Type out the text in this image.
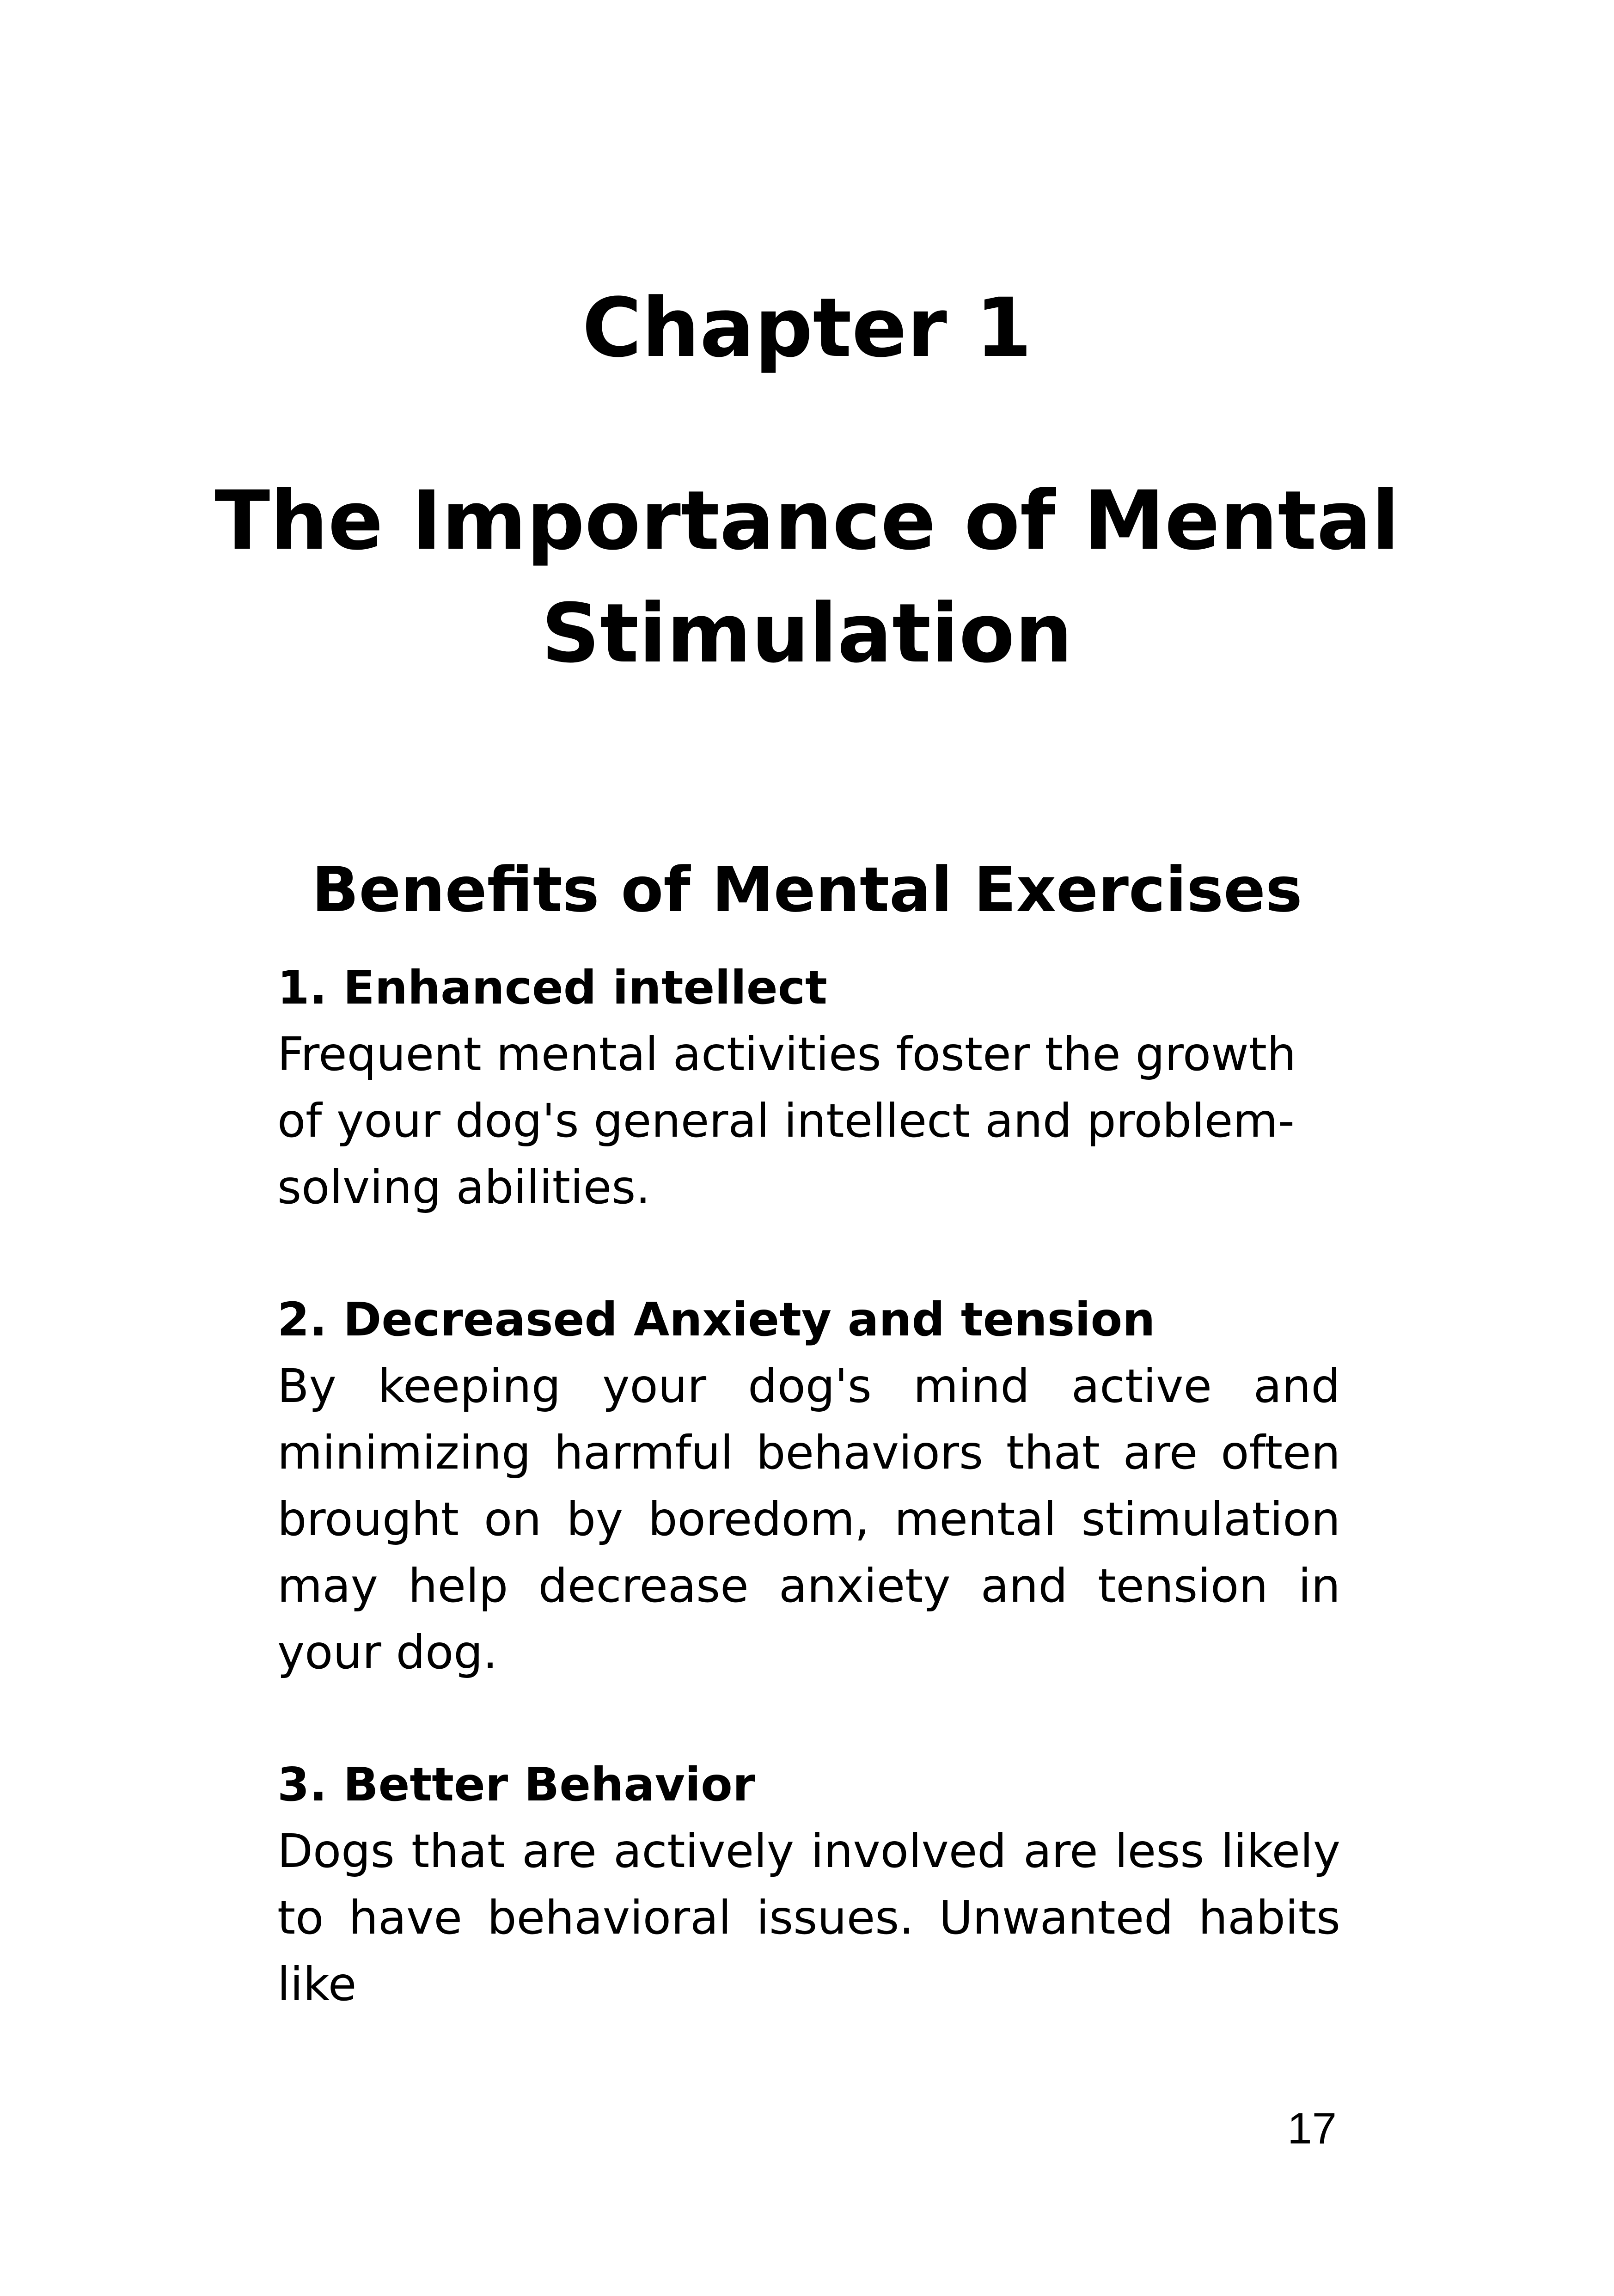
Chapter 1
The Importance of Mental Stimulation
Benefits of Mental Exercises

1. Enhanced intellect

Frequent mental activities foster the growth of your dog's general intellect and problem-solving abilities.

2. Decreased Anxiety and tension

By keeping your dog's mind active and minimizing harmful behaviors that are often brought on by boredom, mental stimulation may help decrease anxiety and tension in your dog.

3. Better Behavior

Dogs that are actively involved are less likely to have behavioral issues. Unwanted habits like

17
